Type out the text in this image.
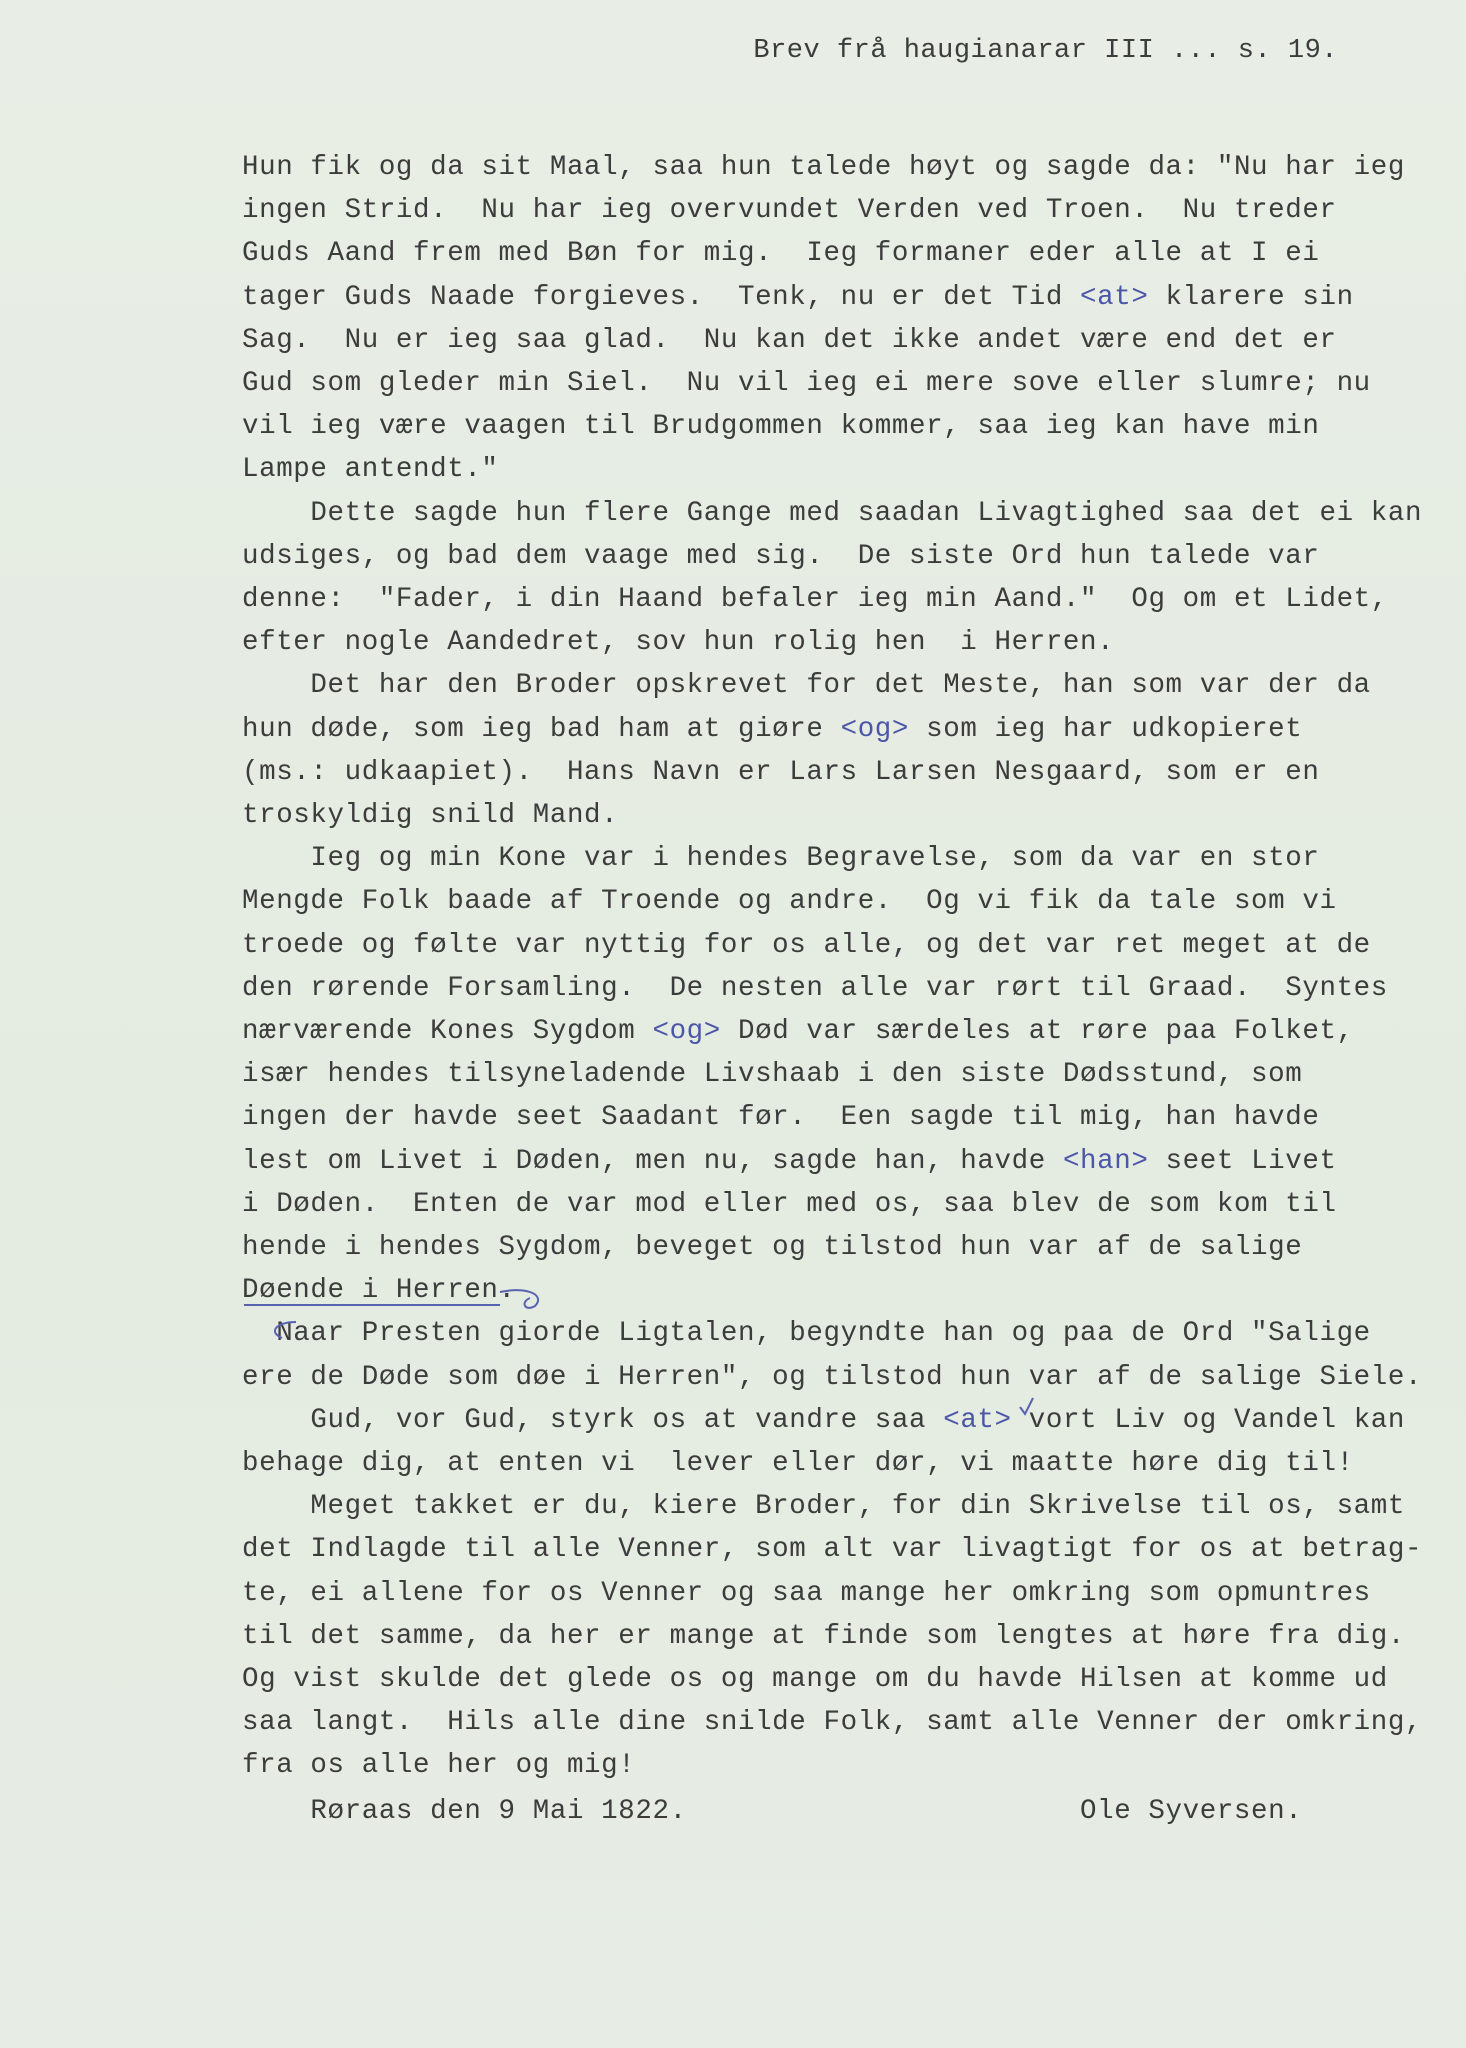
Brev frå haugianarar III ... s. 19.
Hun fik og da sit Maal, saa hun talede høyt og sagde da: "Nu har ieg
ingen Strid.  Nu har ieg overvundet Verden ved Troen.  Nu treder
Guds Aand frem med Bøn for mig.  Ieg formaner eder alle at I ei
tager Guds Naade forgieves.  Tenk, nu er det Tid <at> klarere sin
Sag.  Nu er ieg saa glad.  Nu kan det ikke andet være end det er
Gud som gleder min Siel.  Nu vil ieg ei mere sove eller slumre; nu
vil ieg være vaagen til Brudgommen kommer, saa ieg kan have min
Lampe antendt."
Dette sagde hun flere Gange med saadan Livagtighed saa det ei kan
udsiges, og bad dem vaage med sig.  De siste Ord hun talede var
denne:  "Fader, i din Haand befaler ieg min Aand."  Og om et Lidet,
efter nogle Aandedret, sov hun rolig hen  i Herren.
Det har den Broder opskrevet for det Meste, han som var der da
hun døde, som ieg bad ham at giøre <og> som ieg har udkopieret
(ms.: udkaapiet).  Hans Navn er Lars Larsen Nesgaard, som er en
troskyldig snild Mand.
Ieg og min Kone var i hendes Begravelse, som da var en stor
Mengde Folk baade af Troende og andre.  Og vi fik da tale som vi
troede og følte var nyttig for os alle, og det var ret meget at de
den rørende Forsamling.  De nesten alle var rørt til Graad.  Syntes
nærværende Kones Sygdom <og> Død var særdeles at røre paa Folket,
især hendes tilsyneladende Livshaab i den siste Dødsstund, som
ingen der havde seet Saadant før.  Een sagde til mig, han havde
lest om Livet i Døden, men nu, sagde han, havde <han> seet Livet
i Døden.  Enten de var mod eller med os, saa blev de som kom til
hende i hendes Sygdom, beveget og tilstod hun var af de salige
Døende i Herren.
Naar Presten giorde Ligtalen, begyndte han og paa de Ord "Salige
ere de Døde som døe i Herren", og tilstod hun var af de salige Siele.
Gud, vor Gud, styrk os at vandre saa <at> vort Liv og Vandel kan
behage dig, at enten vi  lever eller dør, vi maatte høre dig til!
Meget takket er du, kiere Broder, for din Skrivelse til os, samt
det Indlagde til alle Venner, som alt var livagtigt for os at betrag-
te, ei allene for os Venner og saa mange her omkring som opmuntres
til det samme, da her er mange at finde som lengtes at høre fra dig.
Og vist skulde det glede os og mange om du havde Hilsen at komme ud
saa langt.  Hils alle dine snilde Folk, samt alle Venner der omkring,
fra os alle her og mig!
Røraas den 9 Mai 1822.	Ole Syversen.
